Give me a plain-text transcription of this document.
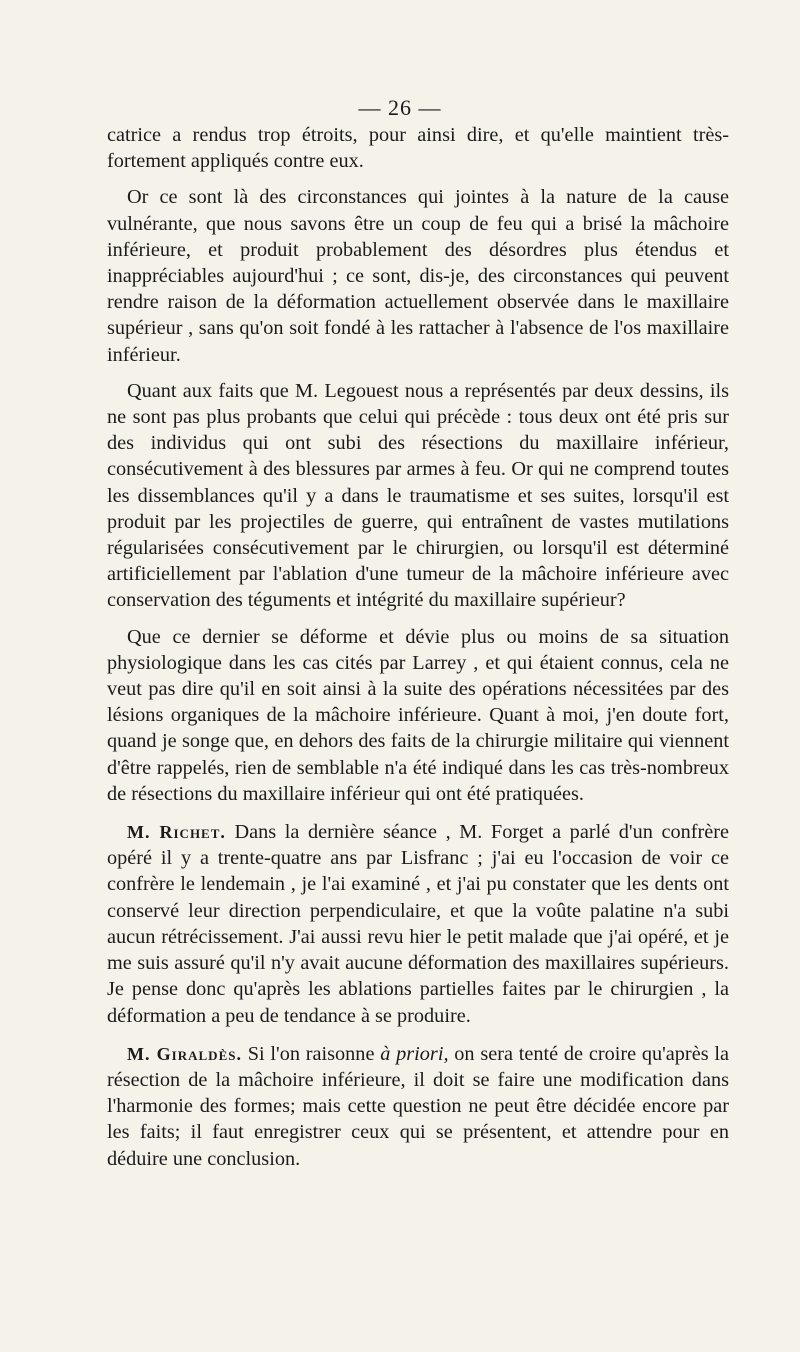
— 26 —

catrice a rendus trop étroits, pour ainsi dire, et qu'elle maintient très-fortement appliqués contre eux.

Or ce sont là des circonstances qui jointes à la nature de la cause vulnérante, que nous savons être un coup de feu qui a brisé la mâchoire inférieure, et produit probablement des désordres plus étendus et inappréciables aujourd'hui ; ce sont, dis-je, des circonstances qui peuvent rendre raison de la déformation actuellement observée dans le maxillaire supérieur , sans qu'on soit fondé à les rattacher à l'absence de l'os maxillaire inférieur.

Quant aux faits que M. Legouest nous a représentés par deux dessins, ils ne sont pas plus probants que celui qui précède : tous deux ont été pris sur des individus qui ont subi des résections du maxillaire inférieur, consécutivement à des blessures par armes à feu. Or qui ne comprend toutes les dissemblances qu'il y a dans le traumatisme et ses suites, lorsqu'il est produit par les projectiles de guerre, qui entraînent de vastes mutilations régularisées consécutivement par le chirurgien, ou lorsqu'il est déterminé artificiellement par l'ablation d'une tumeur de la mâchoire inférieure avec conservation des téguments et intégrité du maxillaire supérieur?

Que ce dernier se déforme et dévie plus ou moins de sa situation physiologique dans les cas cités par Larrey , et qui étaient connus, cela ne veut pas dire qu'il en soit ainsi à la suite des opérations nécessitées par des lésions organiques de la mâchoire inférieure. Quant à moi, j'en doute fort, quand je songe que, en dehors des faits de la chirurgie militaire qui viennent d'être rappelés, rien de semblable n'a été indiqué dans les cas très-nombreux de résections du maxillaire inférieur qui ont été pratiquées.

M. Richet. Dans la dernière séance , M. Forget a parlé d'un confrère opéré il y a trente-quatre ans par Lisfranc ; j'ai eu l'occasion de voir ce confrère le lendemain , je l'ai examiné , et j'ai pu constater que les dents ont conservé leur direction perpendiculaire, et que la voûte palatine n'a subi aucun rétrécissement. J'ai aussi revu hier le petit malade que j'ai opéré, et je me suis assuré qu'il n'y avait aucune déformation des maxillaires supérieurs. Je pense donc qu'après les ablations partielles faites par le chirurgien , la déformation a peu de tendance à se produire.

M. Giraldès. Si l'on raisonne à priori, on sera tenté de croire qu'après la résection de la mâchoire inférieure, il doit se faire une modification dans l'harmonie des formes; mais cette question ne peut être décidée encore par les faits; il faut enregistrer ceux qui se présentent, et attendre pour en déduire une conclusion.
